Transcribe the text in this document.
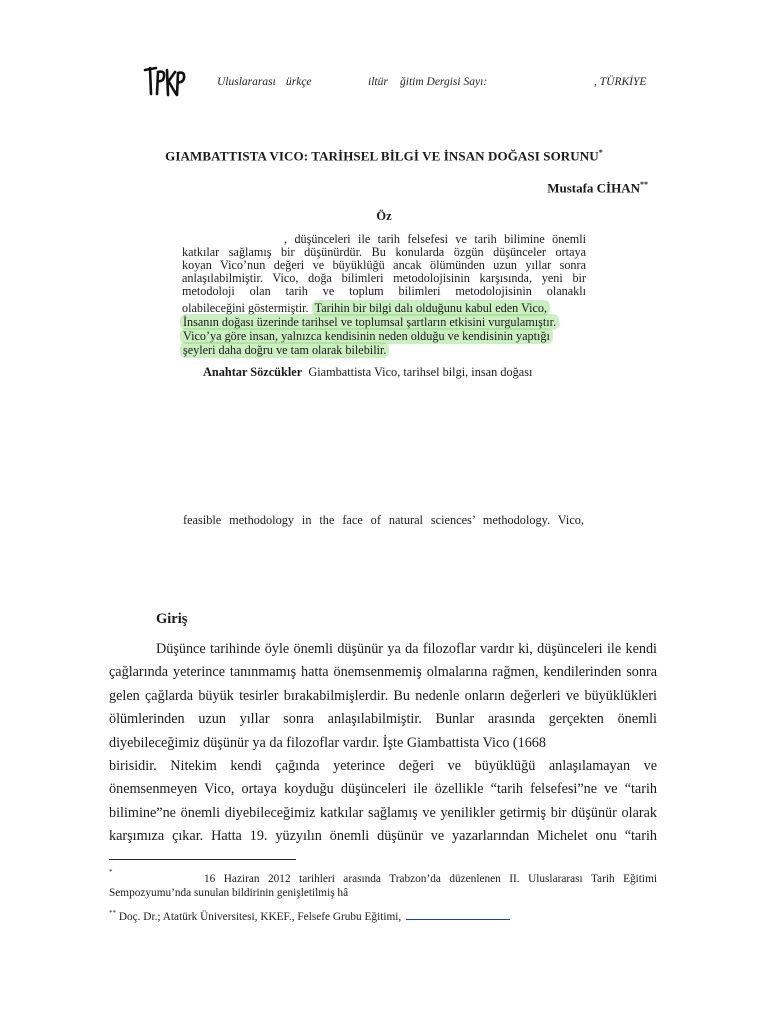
Uluslararası ürkçe	iltür ğitim Dergisi Sayı:	, TÜRKİYE
GIAMBATTISTA VICO: TARİHSEL BİLGİ VE İNSAN DOĞASI SORUNU*
Mustafa CİHAN**
Öz
, düşünceleri ile tarih felsefesi ve tarih bilimine önemli
katkılar sağlamış bir düşünürdür. Bu konularda özgün düşünceler ortaya
koyan Vico’nun değeri ve büyüklüğü ancak ölümünden uzun yıllar sonra
anlaşılabilmiştir. Vico, doğa bilimleri metodolojisinin karşısında, yeni bir
metodoloji olan tarih ve toplum bilimleri metodolojisinin olanaklı
olabileceğini göstermiştir. Tarihin bir bilgi dalı olduğunu kabul eden Vico,
İnsanın doğası üzerinde tarihsel ve toplumsal şartların etkisini vurgulamıştır.
Vico’ya göre insan, yalnızca kendisinin neden olduğu ve kendisinin yaptığı
şeyleri daha doğru ve tam olarak bilebilir.
Anahtar Sözcükler Giambattista Vico, tarihsel bilgi, insan doğası
feasible methodology in the face of natural sciences’ methodology. Vico,
Giriş
Düşünce tarihinde öyle önemli düşünür ya da filozoflar vardır ki, düşünceleri ile kendi
çağlarında yeterince tanınmamış hatta önemsenmemiş olmalarına rağmen, kendilerinden sonra
gelen çağlarda büyük tesirler bırakabilmişlerdir. Bu nedenle onların değerleri ve büyüklükleri
ölümlerinden uzun yıllar sonra anlaşılabilmiştir. Bunlar arasında gerçekten önemli
diyebileceğimiz düşünür ya da filozoflar vardır. İşte Giambattista Vico (1668
birisidir. Nitekim kendi çağında yeterince değeri ve büyüklüğü anlaşılamayan ve
önemsenmeyen Vico, ortaya koyduğu düşünceleri ile özellikle “tarih felsefesi”ne ve “tarih
bilimine”ne önemli diyebileceğimiz katkılar sağlamış ve yenilikler getirmiş bir düşünür olarak
karşımıza çıkar. Hatta 19. yüzyılın önemli düşünür ve yazarlarından Michelet onu “tarih
*
16 Haziran 2012 tarihleri arasında Trabzon’da düzenlenen II. Uluslararası Tarih Eğitimi
Sempozyumu’nda sunulan bildirinin genişletilmiş hâ
** Doç. Dr.; Atatürk Üniversitesi, KKEF., Felsefe Grubu Eğitimi,
